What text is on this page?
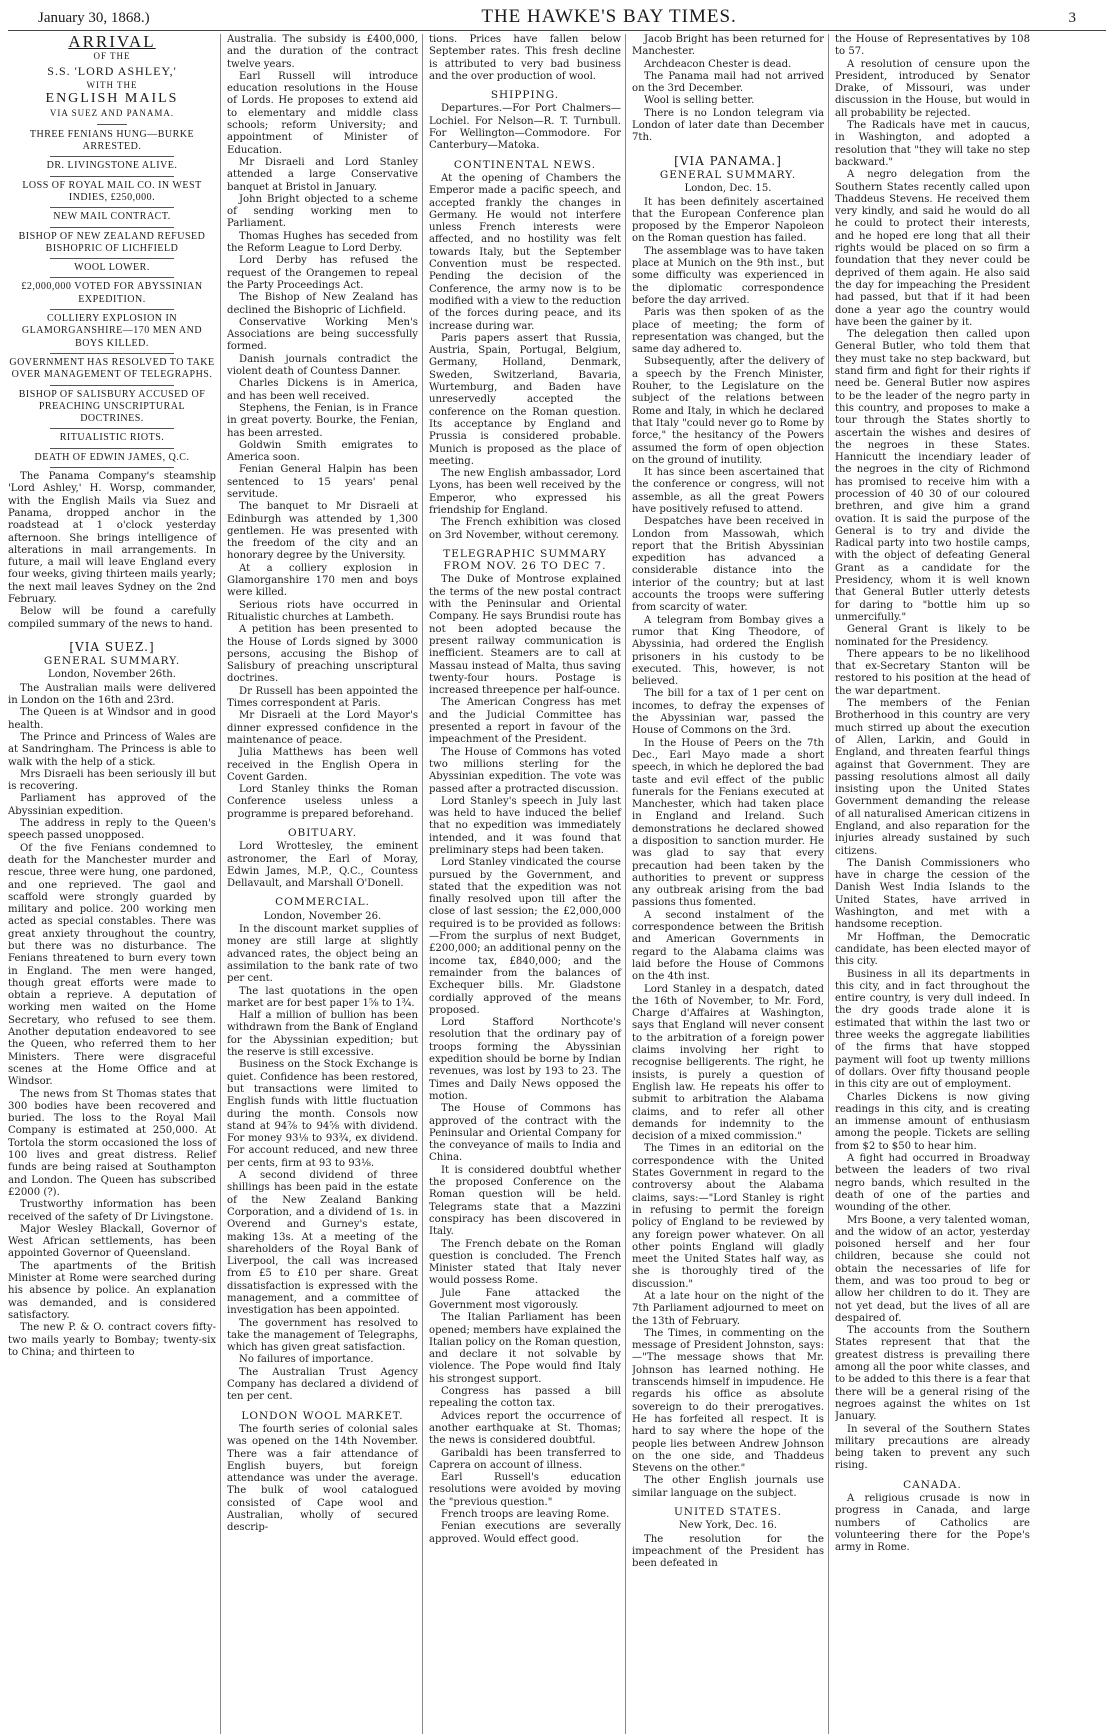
January 30, 1868.)	THE HAWKE'S BAY TIMES.	3
ARRIVAL
OF THE
S.S. 'LORD ASHLEY,'
WITH THE
ENGLISH MAILS
VIA SUEZ AND PANAMA.
THREE FENIANS HUNG—BURKE ARRESTED.
DR. LIVINGSTONE ALIVE.
LOSS OF ROYAL MAIL CO. IN WEST INDIES, £250,000.
NEW MAIL CONTRACT.
BISHOP OF NEW ZEALAND REFUSED BISHOPRIC OF LICHFIELD
WOOL LOWER.
£2,000,000 VOTED FOR ABYSSINIAN EXPEDITION.
COLLIERY EXPLOSION IN GLAMORGANSHIRE—170 MEN AND BOYS KILLED.
GOVERNMENT HAS RESOLVED TO TAKE OVER MANAGEMENT OF TELEGRAPHS.
BISHOP OF SALISBURY ACCUSED OF PREACHING UNSCRIPTURAL DOCTRINES.
RITUALISTIC RIOTS.
DEATH OF EDWIN JAMES, Q.C.

The Panama Company's steamship 'Lord Ashley,' H. Worsp, commander, with the English Mails via Suez and Panama, dropped anchor in the roadstead at 1 o'clock yesterday afternoon. She brings intelligence of alterations in mail arrangements. In future, a mail will leave England every four weeks, giving thirteen mails yearly; the next mail leaves Sydney on the 2nd February.

Below will be found a carefully compiled summary of the news to hand.

[VIA SUEZ.]
GENERAL SUMMARY.
London, November 26th.

The Australian mails were delivered in London on the 16th and 23rd.

The Queen is at Windsor and in good health.

The Prince and Princess of Wales are at Sandringham. The Princess is able to walk with the help of a stick.

Mrs Disraeli has been seriously ill but is recovering.

Parliament has approved of the Abyssinian expedition.

The address in reply to the Queen's speech passed unopposed.

Of the five Fenians condemned to death for the Manchester murder and rescue, three were hung, one pardoned, and one reprieved. The gaol and scaffold were strongly guarded by military and police. 200 working men acted as special constables. There was great anxiety throughout the country, but there was no disturbance. The Fenians threatened to burn every town in England. The men were hanged, though great efforts were made to obtain a reprieve. A deputation of working men waited on the Home Secretary, who refused to see them. Another deputation endeavored to see the Queen, who referred them to her Ministers. There were disgraceful scenes at the Home Office and at Windsor.

The news from St Thomas states that 300 bodies have been recovered and buried. The loss to the Royal Mail Company is estimated at 250,000. At Tortola the storm occasioned the loss of 100 lives and great distress. Relief funds are being raised at Southampton and London. The Queen has subscribed £2000 (?).

Trustworthy information has been received of the safety of Dr Livingstone.

Major Wesley Blackall, Governor of West African settlements, has been appointed Governor of Queensland.

The apartments of the British Minister at Rome were searched during his absence by police. An explanation was demanded, and is considered satisfactory.

The new P. & O. contract covers fifty-two mails yearly to Bombay; twenty-six to China; and thirteen to

Australia. The subsidy is £400,000, and the duration of the contract twelve years.

Earl Russell will introduce education resolutions in the House of Lords. He proposes to extend aid to elementary and middle class schools; reform University; and appointment of Minister of Education.

Mr Disraeli and Lord Stanley attended a large Conservative banquet at Bristol in January.

John Bright objected to a scheme of sending working men to Parliament.

Thomas Hughes has seceded from the Reform League to Lord Derby.

Lord Derby has refused the request of the Orangemen to repeal the Party Proceedings Act.

The Bishop of New Zealand has declined the Bishopric of Lichfield.

Conservative Working Men's Associations are being successfully formed.

Danish journals contradict the violent death of Countess Danner.

Charles Dickens is in America, and has been well received.

Stephens, the Fenian, is in France in great poverty. Bourke, the Fenian, has been arrested.

Goldwin Smith emigrates to America soon.

Fenian General Halpin has been sentenced to 15 years' penal servitude.

The banquet to Mr Disraeli at Edinburgh was attended by 1,300 gentlemen. He was presented with the freedom of the city and an honorary degree by the University.

At a colliery explosion in Glamorganshire 170 men and boys were killed.

Serious riots have occurred in Ritualistic churches at Lambeth.

A petition has been presented to the House of Lords signed by 3000 persons, accusing the Bishop of Salisbury of preaching unscriptural doctrines.

Dr Russell has been appointed the Times correspondent at Paris.

Mr Disraeli at the Lord Mayor's dinner expressed confidence in the maintenance of peace.

Julia Matthews has been well received in the English Opera in Covent Garden.

Lord Stanley thinks the Roman Conference useless unless a programme is prepared beforehand.

OBITUARY.

Lord Wrottesley, the eminent astronomer, the Earl of Moray, Edwin James, M.P., Q.C., Countess Dellavault, and Marshall O'Donell.

COMMERCIAL.
London, November 26.

In the discount market supplies of money are still large at slightly advanced rates, the object being an assimilation to the bank rate of two per cent.

The last quotations in the open market are for best paper 1⅝ to 1¾.

Half a million of bullion has been withdrawn from the Bank of England for the Abyssinian expedition; but the reserve is still excessive.

Business on the Stock Exchange is quiet. Confidence has been restored, but transactions were limited to English funds with little fluctuation during the month. Consols now stand at 94⅞ to 94⅝ with dividend. For money 93⅛ to 93¾, ex dividend. For account reduced, and new three per cents, firm at 93 to 93⅛.

A second dividend of three shillings has been paid in the estate of the New Zealand Banking Corporation, and a dividend of 1s. in Overend and Gurney's estate, making 13s. At a meeting of the shareholders of the Royal Bank of Liverpool, the call was increased from £5 to £10 per share. Great dissatisfaction is expressed with the management, and a committee of investigation has been appointed.

The government has resolved to take the management of Telegraphs, which has given great satisfaction.

No failures of importance.

The Australian Trust Agency Company has declared a dividend of ten per cent.

LONDON WOOL MARKET.

The fourth series of colonial sales was opened on the 14th November. There was a fair attendance of English buyers, but foreign attendance was under the average. The bulk of wool catalogued consisted of Cape wool and Australian, wholly of secured descrip-

tions. Prices have fallen below September rates. This fresh decline is attributed to very bad business and the over production of wool.

SHIPPING.

Departures.—For Port Chalmers—Lochiel. For Nelson—R. T. Turnbull. For Wellington—Commodore. For Canterbury—Matoka.

CONTINENTAL NEWS.

At the opening of Chambers the Emperor made a pacific speech, and accepted frankly the changes in Germany. He would not interfere unless French interests were affected, and no hostility was felt towards Italy, but the September Convention must be respected. Pending the decision of the Conference, the army now is to be modified with a view to the reduction of the forces during peace, and its increase during war.

Paris papers assert that Russia, Austria, Spain, Portugal, Belgium, Germany, Holland, Denmark, Sweden, Switzerland, Bavaria, Wurtemburg, and Baden have unreservedly accepted the conference on the Roman question. Its acceptance by England and Prussia is considered probable. Munich is proposed as the place of meeting.

The new English ambassador, Lord Lyons, has been well received by the Emperor, who expressed his friendship for England.

The French exhibition was closed on 3rd November, without ceremony.

TELEGRAPHIC SUMMARY FROM NOV. 26 TO DEC 7.

The Duke of Montrose explained the terms of the new postal contract with the Peninsular and Oriental Company. He says Brundisi route has not been adopted because the present railway communication is inefficient. Steamers are to call at Massau instead of Malta, thus saving twenty-four hours. Postage is increased threepence per half-ounce.

The American Congress has met and the Judicial Committee has presented a report in favour of the impeachment of the President.

The House of Commons has voted two millions sterling for the Abyssinian expedition. The vote was passed after a protracted discussion.

Lord Stanley's speech in July last was held to have induced the belief that no expedition was immediately intended, and it was found that preliminary steps had been taken.

Lord Stanley vindicated the course pursued by the Government, and stated that the expedition was not finally resolved upon till after the close of last session; the £2,000,000 required is to be provided as follows:—From the surplus of next Budget, £200,000; an additional penny on the income tax, £840,000; and the remainder from the balances of Exchequer bills. Mr. Gladstone cordially approved of the means proposed.

Lord Stafford Northcote's resolution that the ordinary pay of troops forming the Abyssinian expedition should be borne by Indian revenues, was lost by 193 to 23. The Times and Daily News opposed the motion.

The House of Commons has approved of the contract with the Peninsular and Oriental Company for the conveyance of mails to India and China.

It is considered doubtful whether the proposed Conference on the Roman question will be held. Telegrams state that a Mazzini conspiracy has been discovered in Italy.

The French debate on the Roman question is concluded. The French Minister stated that Italy never would possess Rome.

Jule Fane attacked the Government most vigorously.

The Italian Parliament has been opened; members have explained the Italian policy on the Roman question, and declare it not solvable by violence. The Pope would find Italy his strongest support.

Congress has passed a bill repealing the cotton tax.

Advices report the occurrence of another earthquake at St. Thomas; the news is considered doubtful.

Garibaldi has been transferred to Caprera on account of illness.

Earl Russell's education resolutions were avoided by moving the "previous question."

French troops are leaving Rome.

Fenian executions are severally approved. Would effect good.

Jacob Bright has been returned for Manchester.

Archdeacon Chester is dead.

The Panama mail had not arrived on the 3rd December.

Wool is selling better.

There is no London telegram via London of later date than December 7th.

[VIA PANAMA.]
GENERAL SUMMARY.
London, Dec. 15.

It has been definitely ascertained that the European Conference plan proposed by the Emperor Napoleon on the Roman question has failed.

The assemblage was to have taken place at Munich on the 9th inst., but some difficulty was experienced in the diplomatic correspondence before the day arrived.

Paris was then spoken of as the place of meeting; the form of representation was changed, but the same day adhered to.

Subsequently, after the delivery of a speech by the French Minister, Rouher, to the Legislature on the subject of the relations between Rome and Italy, in which he declared that Italy "could never go to Rome by force," the hesitancy of the Powers assumed the form of open objection on the ground of inutility.

It has since been ascertained that the conference or congress, will not assemble, as all the great Powers have positively refused to attend.

Despatches have been received in London from Massowah, which report that the British Abyssinian expedition has advanced a considerable distance into the interior of the country; but at last accounts the troops were suffering from scarcity of water.

A telegram from Bombay gives a rumor that King Theodore, of Abyssinia, had ordered the English prisoners in his custody to be executed. This, however, is not believed.

The bill for a tax of 1 per cent on incomes, to defray the expenses of the Abyssinian war, passed the House of Commons on the 3rd.

In the House of Peers on the 7th Dec., Earl Mayo made a short speech, in which he deplored the bad taste and evil effect of the public funerals for the Fenians executed at Manchester, which had taken place in England and Ireland. Such demonstrations he declared showed a disposition to sanction murder. He was glad to say that every precaution had been taken by the authorities to prevent or suppress any outbreak arising from the bad passions thus fomented.

A second instalment of the correspondence between the British and American Governments in regard to the Alabama claims was laid before the House of Commons on the 4th inst.

Lord Stanley in a despatch, dated the 16th of November, to Mr. Ford, Charge d'Affaires at Washington, says that England will never consent to the arbitration of a foreign power claims involving her right to recognise belligerents. The right, he insists, is purely a question of English law. He repeats his offer to submit to arbitration the Alabama claims, and to refer all other demands for indemnity to the decision of a mixed commission."

The Times in an editorial on the correspondence with the United States Government in regard to the controversy about the Alabama claims, says:—"Lord Stanley is right in refusing to permit the foreign policy of England to be reviewed by any foreign power whatever. On all other points England will gladly meet the United States half way, as she is thoroughly tired of the discussion."

At a late hour on the night of the 7th Parliament adjourned to meet on the 13th of February.

The Times, in commenting on the message of President Johnston, says:—"The message shows that Mr. Johnson has learned nothing. He transcends himself in impudence. He regards his office as absolute sovereign to do their prerogatives. He has forfeited all respect. It is hard to say where the hope of the people lies between Andrew Johnson on the one side, and Thaddeus Stevens on the other."

The other English journals use similar language on the subject.

UNITED STATES.
New York, Dec. 16.

The resolution for the impeachment of the President has been defeated in

the House of Representatives by 108 to 57.

A resolution of censure upon the President, introduced by Senator Drake, of Missouri, was under discussion in the House, but would in all probability be rejected.

The Radicals have met in caucus, in Washington, and adopted a resolution that "they will take no step backward."

A negro delegation from the Southern States recently called upon Thaddeus Stevens. He received them very kindly, and said he would do all he could to protect their interests, and he hoped ere long that all their rights would be placed on so firm a foundation that they never could be deprived of them again. He also said the day for impeaching the President had passed, but that if it had been done a year ago the country would have been the gainer by it.

The delegation then called upon General Butler, who told them that they must take no step backward, but stand firm and fight for their rights if need be. General Butler now aspires to be the leader of the negro party in this country, and proposes to make a tour through the States shortly to ascertain the wishes and desires of the negroes in these States. Hannicutt the incendiary leader of the negroes in the city of Richmond has promised to receive him with a procession of 40 30 of our coloured brethren, and give him a grand ovation. It is said the purpose of the General is to try and divide the Radical party into two hostile camps, with the object of defeating General Grant as a candidate for the Presidency, whom it is well known that General Butler utterly detests for daring to "bottle him up so unmercifully."

General Grant is likely to be nominated for the Presidency.

There appears to be no likelihood that ex-Secretary Stanton will be restored to his position at the head of the war department.

The members of the Fenian Brotherhood in this country are very much stirred up about the execution of Allen, Larkin, and Gould in England, and threaten fearful things against that Government. They are passing resolutions almost all daily insisting upon the United States Government demanding the release of all naturalised American citizens in England, and also reparation for the injuries already sustained by such citizens.

The Danish Commissioners who have in charge the cession of the Danish West India Islands to the United States, have arrived in Washington, and met with a handsome reception.

Mr Hoffman, the Democratic candidate, has been elected mayor of this city.

Business in all its departments in this city, and in fact throughout the entire country, is very dull indeed. In the dry goods trade alone it is estimated that within the last two or three weeks the aggregate liabilities of the firms that have stopped payment will foot up twenty millions of dollars. Over fifty thousand people in this city are out of employment.

Charles Dickens is now giving readings in this city, and is creating an immense amount of enthusiasm among the people. Tickets are selling from $2 to $50 to hear him.

A fight had occurred in Broadway between the leaders of two rival negro bands, which resulted in the death of one of the parties and wounding of the other.

Mrs Boone, a very talented woman, and the widow of an actor, yesterday poisoned herself and her four children, because she could not obtain the necessaries of life for them, and was too proud to beg or allow her children to do it. They are not yet dead, but the lives of all are despaired of.

The accounts from the Southern States represent that that the greatest distress is prevailing there among all the poor white classes, and to be added to this there is a fear that there will be a general rising of the negroes against the whites on 1st January.

In several of the Southern States military precautions are already being taken to prevent any such rising.

CANADA.

A religious crusade is now in progress in Canada, and large numbers of Catholics are volunteering there for the Pope's army in Rome.
